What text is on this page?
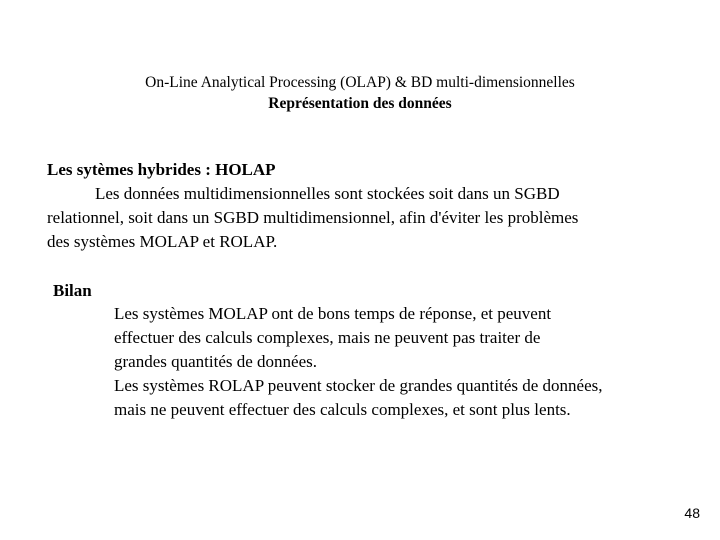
On-Line Analytical Processing (OLAP) & BD multi-dimensionnelles
Représentation des données
Les sytèmes hybrides : HOLAP
Les données multidimensionnelles sont stockées soit dans un SGBD
relationnel, soit dans un SGBD multidimensionnel, afin d'éviter les problèmes
des systèmes MOLAP et ROLAP.
Bilan
Les systèmes MOLAP ont de bons temps de réponse, et peuvent
effectuer des calculs complexes, mais ne peuvent pas traiter de
grandes quantités de données.
Les systèmes ROLAP peuvent stocker de grandes quantités de données,
mais ne peuvent effectuer des calculs complexes, et sont plus lents.
48
